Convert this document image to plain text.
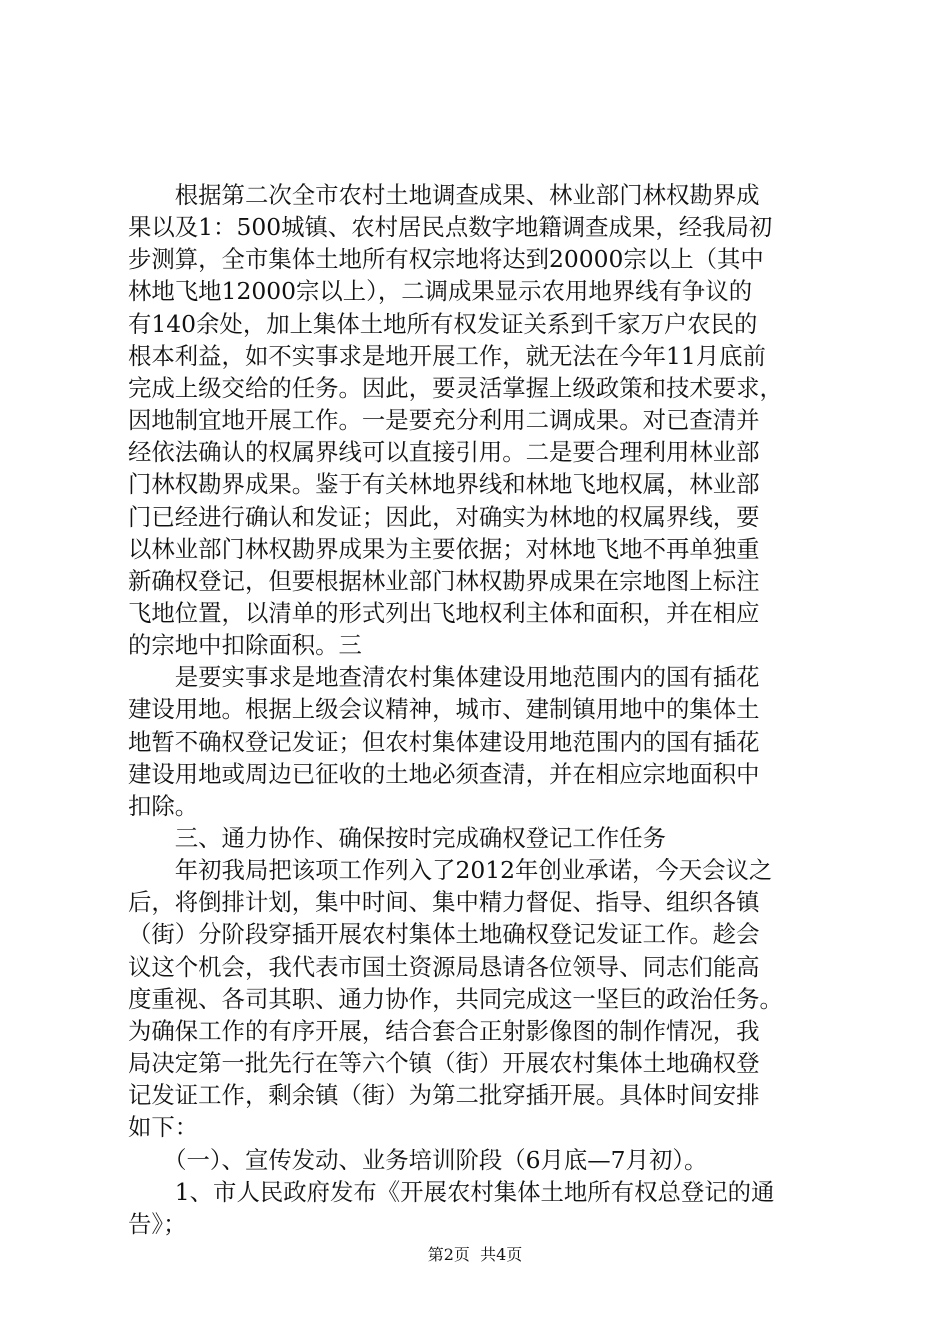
　　根据第二次全市农村土地调查成果、林业部门林权勘界成
果以及1：500城镇、农村居民点数字地籍调查成果，经我局初
步测算，全市集体土地所有权宗地将达到20000宗以上（其中
林地飞地12000宗以上），二调成果显示农用地界线有争议的
有140余处，加上集体土地所有权发证关系到千家万户农民的
根本利益，如不实事求是地开展工作，就无法在今年11月底前
完成上级交给的任务。因此，要灵活掌握上级政策和技术要求，
因地制宜地开展工作。一是要充分利用二调成果。对已查清并
经依法确认的权属界线可以直接引用。二是要合理利用林业部
门林权勘界成果。鉴于有关林地界线和林地飞地权属，林业部
门已经进行确认和发证；因此，对确实为林地的权属界线，要
以林业部门林权勘界成果为主要依据；对林地飞地不再单独重
新确权登记，但要根据林业部门林权勘界成果在宗地图上标注
飞地位置，以清单的形式列出飞地权利主体和面积，并在相应
的宗地中扣除面积。三
　　是要实事求是地查清农村集体建设用地范围内的国有插花
建设用地。根据上级会议精神，城市、建制镇用地中的集体土
地暂不确权登记发证；但农村集体建设用地范围内的国有插花
建设用地或周边已征收的土地必须查清，并在相应宗地面积中
扣除。
　　三、通力协作、确保按时完成确权登记工作任务
　　年初我局把该项工作列入了2012年创业承诺，今天会议之
后，将倒排计划，集中时间、集中精力督促、指导、组织各镇
（街）分阶段穿插开展农村集体土地确权登记发证工作。趁会
议这个机会，我代表市国土资源局恳请各位领导、同志们能高
度重视、各司其职、通力协作，共同完成这一坚巨的政治任务。
为确保工作的有序开展，结合套合正射影像图的制作情况，我
局决定第一批先行在等六个镇（街）开展农村集体土地确权登
记发证工作，剩余镇（街）为第二批穿插开展。具体时间安排
如下：
　　（一）、宣传发动、业务培训阶段（6月底—7月初）。
　　1、市人民政府发布《开展农村集体土地所有权总登记的通
告》；
第2页  共4页
